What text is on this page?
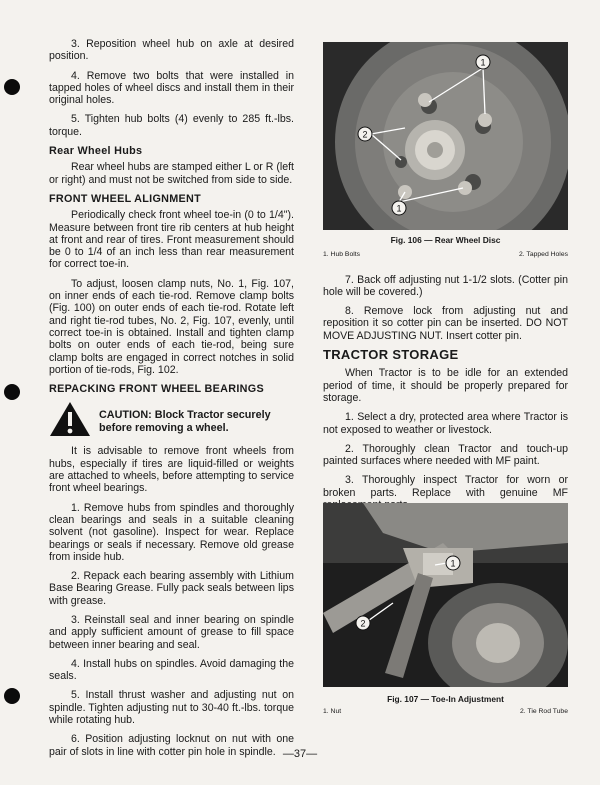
3. Reposition wheel hub on axle at desired position.

4. Remove two bolts that were installed in tapped holes of wheel discs and install them in their original holes.

5. Tighten hub bolts (4) evenly to 285 ft.-lbs. torque.

Rear Wheel Hubs

Rear wheel hubs are stamped either L or R (left or right) and must not be switched from side to side.

FRONT WHEEL ALIGNMENT

Periodically check front wheel toe-in (0 to 1/4"). Measure between front tire rib centers at hub height at front and rear of tires. Front measurement should be 0 to 1/4 of an inch less than rear measurement for correct toe-in.

To adjust, loosen clamp nuts, No. 1, Fig. 107, on inner ends of each tie-rod. Remove clamp bolts (Fig. 100) on outer ends of each tie-rod. Rotate left and right tie-rod tubes, No. 2, Fig. 107, evenly, until correct toe-in is obtained. Install and tighten clamp bolts on outer ends of each tie-rod, being sure clamp bolts are engaged in correct notches in solid portion of tie-rods, Fig. 102.

REPACKING FRONT WHEEL BEARINGS
CAUTION: Block Tractor securely before removing a wheel.

It is advisable to remove front wheels from hubs, especially if tires are liquid-filled or weights are attached to wheels, before attempting to service front wheel bearings.

1. Remove hubs from spindles and thoroughly clean bearings and seals in a suitable cleaning solvent (not gasoline). Inspect for wear. Replace bearings or seals if necessary. Remove old grease from inside hub.

2. Repack each bearing assembly with Lithium Base Bearing Grease. Fully pack seals between lips with grease.

3. Reinstall seal and inner bearing on spindle and apply sufficient amount of grease to fill space between inner bearing and seal.

4. Install hubs on spindles. Avoid damaging the seals.

5. Install thrust washer and adjusting nut on spindle. Tighten adjusting nut to 30-40 ft.-lbs. torque while rotating hub.

6. Position adjusting locknut on nut with one pair of slots in line with cotter pin hole in spindle.

1
2
1
Fig. 106 — Rear Wheel Disc
1. Hub Bolts	2. Tapped Holes

7. Back off adjusting nut 1-1/2 slots. (Cotter pin hole will be covered.)

8. Remove lock from adjusting nut and reposition it so cotter pin can be inserted. DO NOT MOVE ADJUSTING NUT. Insert cotter pin.

TRACTOR STORAGE

When Tractor is to be idle for an extended period of time, it should be properly prepared for storage.

1. Select a dry, protected area where Tractor is not exposed to weather or livestock.

2. Thoroughly clean Tractor and touch-up painted surfaces where needed with MF paint.

3. Thoroughly inspect Tractor for worn or broken parts. Replace with genuine MF

1
2
Fig. 107 — Toe-In Adjustment
1. Nut	2. Tie Rod Tube
—37—
